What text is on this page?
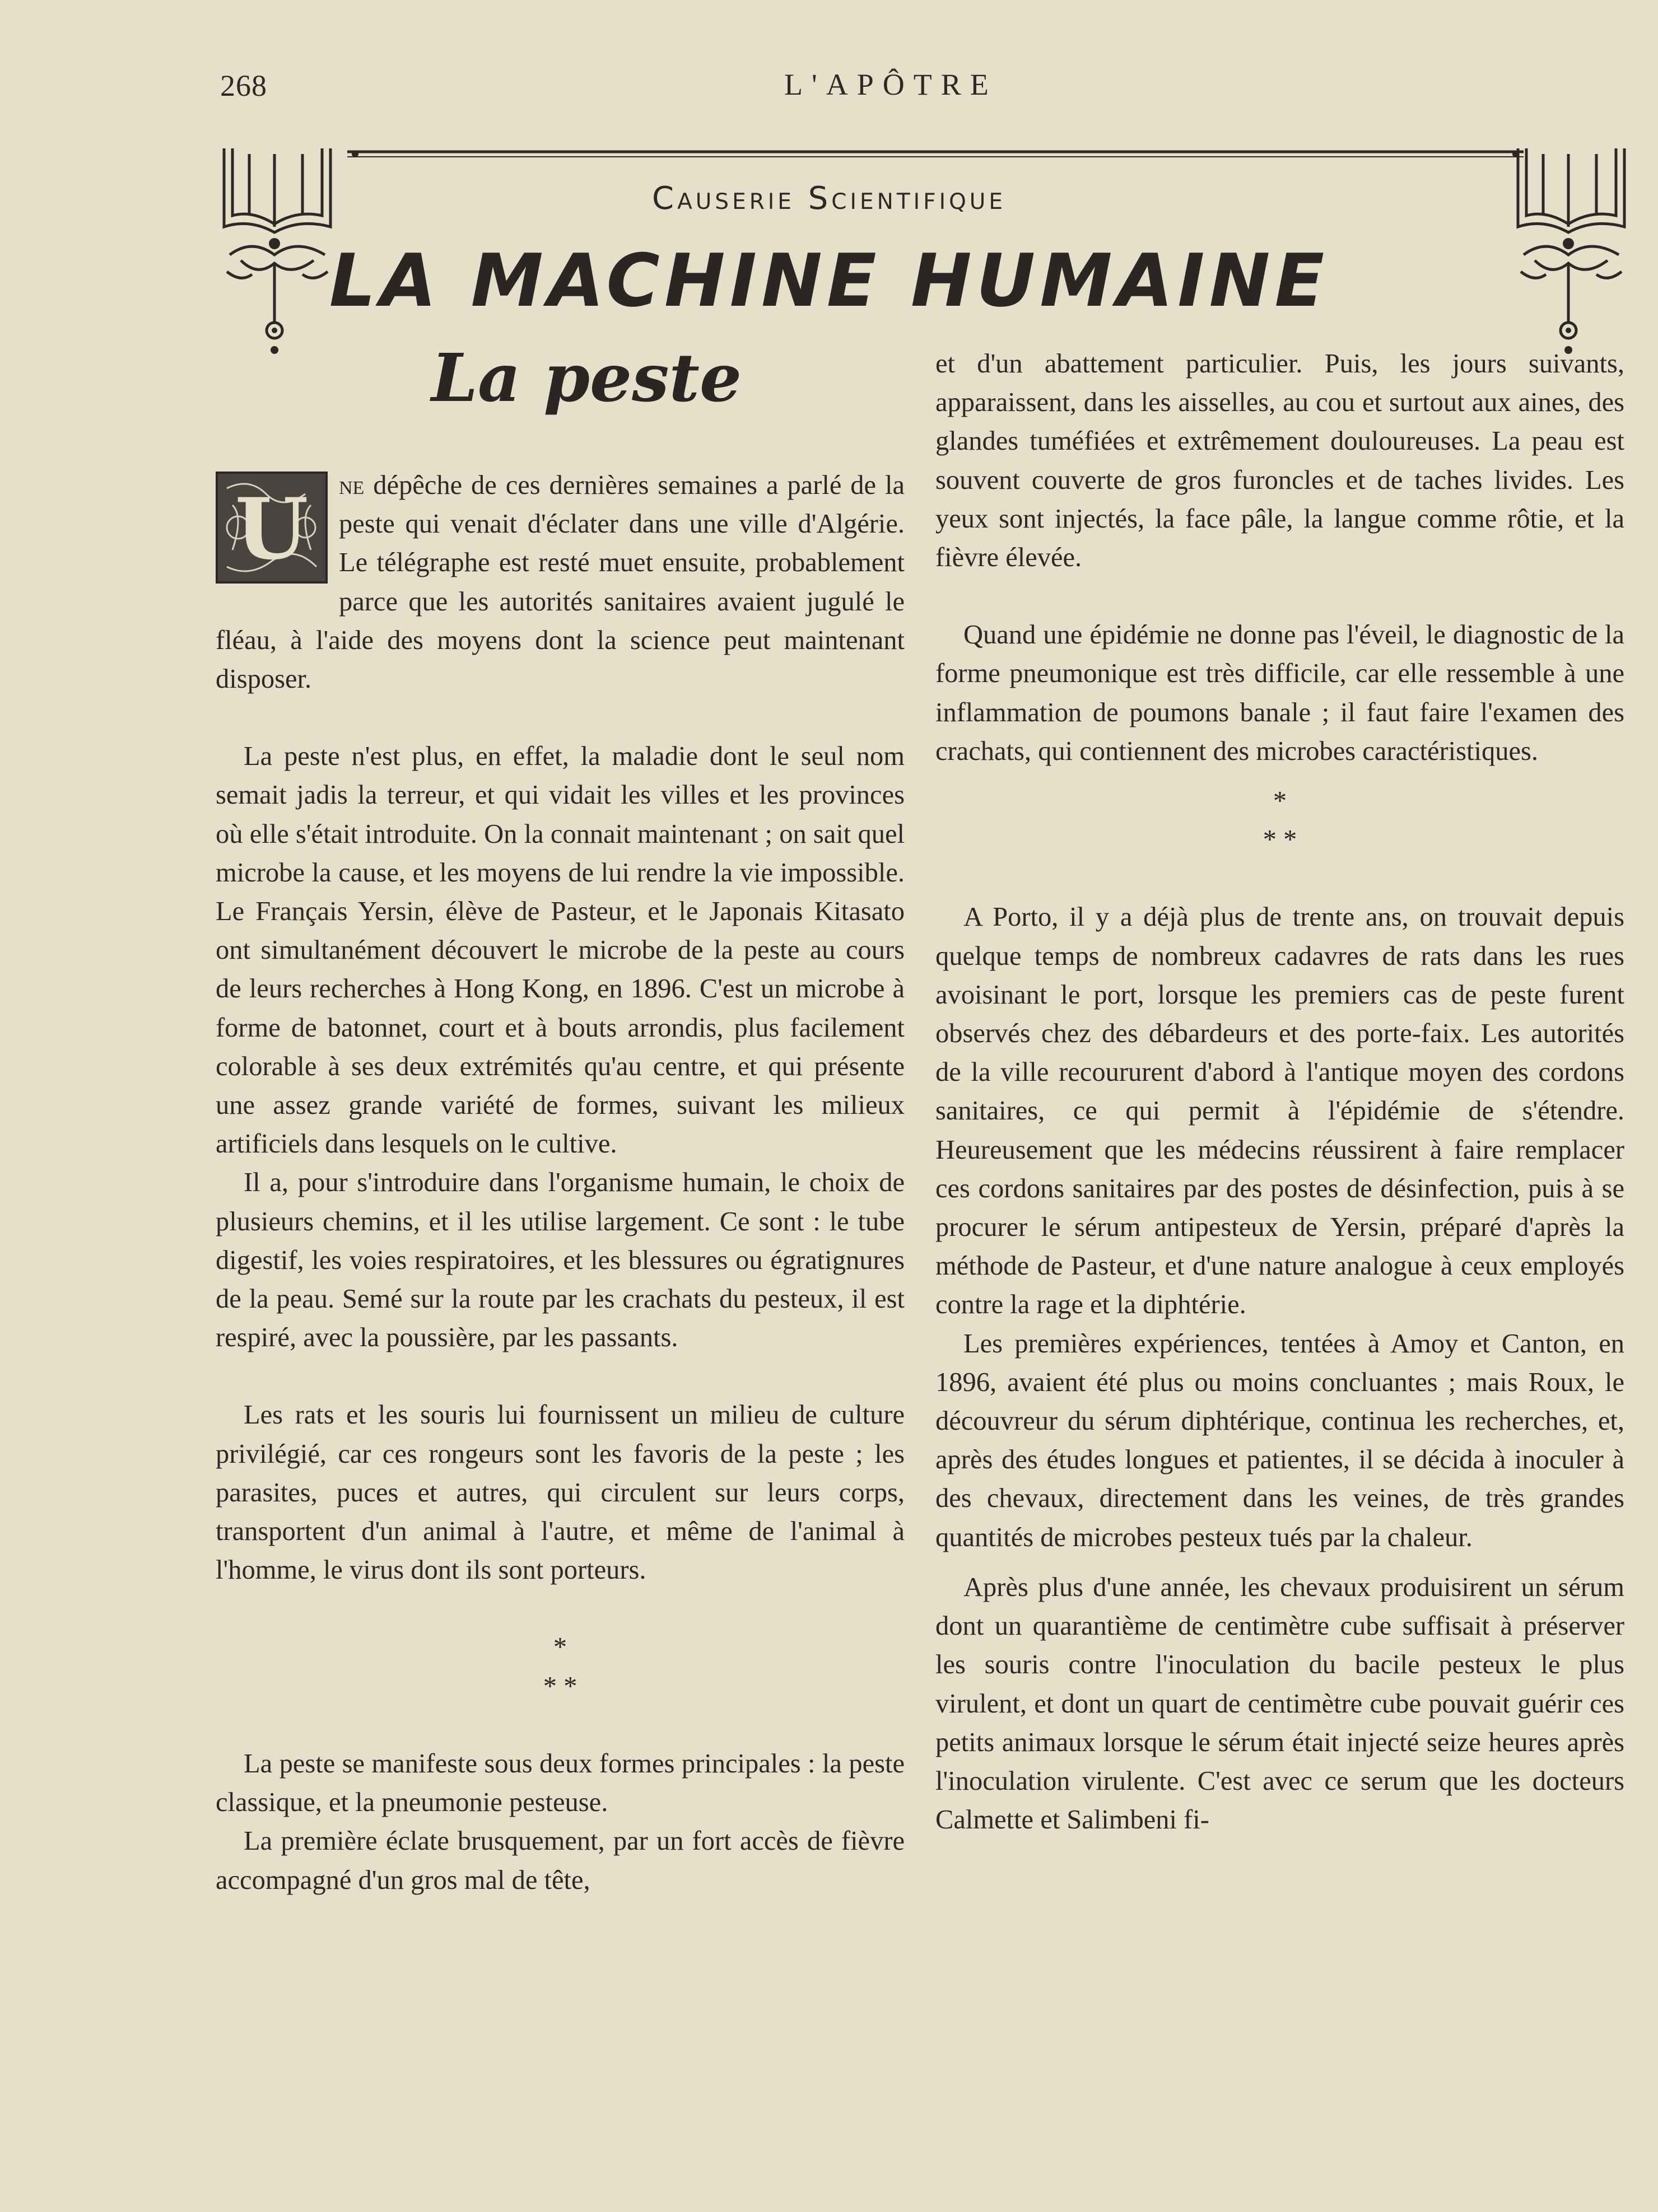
268	L'APÔTRE
Causerie Scientifique
LA MACHINE HUMAINE
La peste

U ne dépêche de ces dernières semaines a parlé de la peste qui venait d'éclater dans une ville d'Algérie. Le télégraphe est resté muet ensuite, probablement parce que les autorités sanitaires avaient jugulé le fléau, à l'aide des moyens dont la science peut maintenant disposer.

La peste n'est plus, en effet, la maladie dont le seul nom semait jadis la terreur, et qui vidait les villes et les provinces où elle s'était introduite. On la connait maintenant ; on sait quel microbe la cause, et les moyens de lui rendre la vie impossible. Le Français Yersin, élève de Pasteur, et le Japonais Kitasato ont simultanément découvert le microbe de la peste au cours de leurs recherches à Hong Kong, en 1896. C'est un microbe à forme de batonnet, court et à bouts arrondis, plus facilement colorable à ses deux extrémités qu'au centre, et qui présente une assez grande variété de formes, suivant les milieux artificiels dans lesquels on le cultive.

Il a, pour s'introduire dans l'organisme humain, le choix de plusieurs chemins, et il les utilise largement. Ce sont : le tube digestif, les voies respiratoires, et les blessures ou égratignures de la peau. Semé sur la route par les crachats du pesteux, il est respiré, avec la poussière, par les passants.

Les rats et les souris lui fournissent un milieu de culture privilégié, car ces rongeurs sont les favoris de la peste ; les parasites, puces et autres, qui circulent sur leurs corps, transportent d'un animal à l'autre, et même de l'animal à l'homme, le virus dont ils sont porteurs.

*

* *

La peste se manifeste sous deux formes principales : la peste classique, et la pneumonie pesteuse.

La première éclate brusquement, par un fort accès de fièvre accompagné d'un gros mal de tête,

et d'un abattement particulier. Puis, les jours suivants, apparaissent, dans les aisselles, au cou et surtout aux aines, des glandes tuméfiées et extrêmement douloureuses. La peau est souvent couverte de gros furoncles et de taches livides. Les yeux sont injectés, la face pâle, la langue comme rôtie, et la fièvre élevée.

Quand une épidémie ne donne pas l'éveil, le diagnostic de la forme pneumonique est très difficile, car elle ressemble à une inflammation de poumons banale ; il faut faire l'examen des crachats, qui contiennent des microbes caractéristiques.

*

* *

A Porto, il y a déjà plus de trente ans, on trouvait depuis quelque temps de nombreux cadavres de rats dans les rues avoisinant le port, lorsque les premiers cas de peste furent observés chez des débardeurs et des porte-faix. Les autorités de la ville recoururent d'abord à l'antique moyen des cordons sanitaires, ce qui permit à l'épidémie de s'étendre. Heureusement que les médecins réussirent à faire remplacer ces cordons sanitaires par des postes de désinfection, puis à se procurer le sérum antipesteux de Yersin, préparé d'après la méthode de Pasteur, et d'une nature analogue à ceux employés contre la rage et la diphtérie.

Les premières expériences, tentées à Amoy et Canton, en 1896, avaient été plus ou moins concluantes ; mais Roux, le découvreur du sérum diphtérique, continua les recherches, et, après des études longues et patientes, il se décida à inoculer à des chevaux, directement dans les veines, de très grandes quantités de microbes pesteux tués par la chaleur.

Après plus d'une année, les chevaux produisirent un sérum dont un quarantième de centimètre cube suffisait à préserver les souris contre l'inoculation du bacile pesteux le plus virulent, et dont un quart de centimètre cube pouvait guérir ces petits animaux lorsque le sérum était injecté seize heures après l'inoculation virulente. C'est avec ce serum que les docteurs Calmette et Salimbeni fi-
